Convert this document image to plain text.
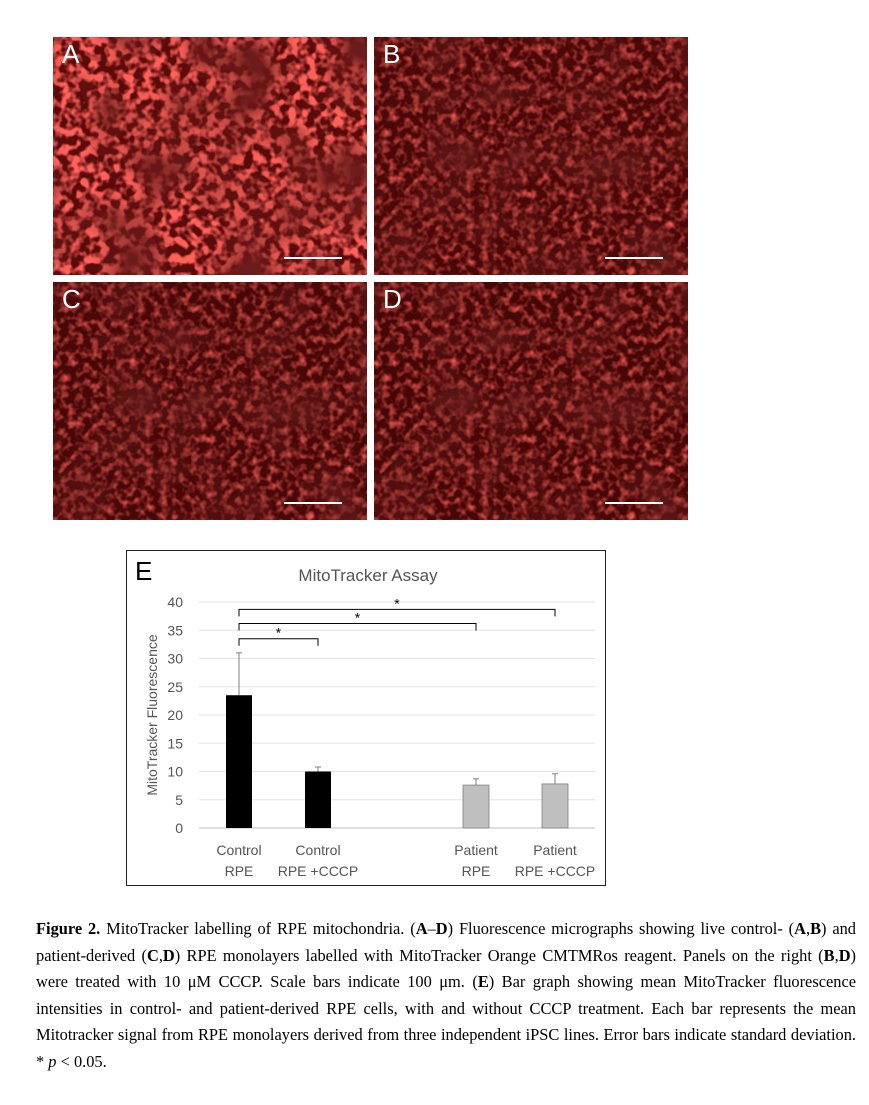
A	B
C	D
E	MitoTracker Assay
0
5
10
15
20
25
30
35
40
MitoTracker Fluorescence
Control
RPE
Control
RPE +CCCP
Patient
RPE
Patient
RPE +CCCP
*
*
*
Figure 2. MitoTracker labelling of RPE mitochondria. (A–D) Fluorescence micrographs showing live control- (A,B) and patient-derived (C,D) RPE monolayers labelled with MitoTracker Orange CMTMRos reagent. Panels on the right (B,D) were treated with 10 μM CCCP. Scale bars indicate 100 μm. (E) Bar graph showing mean MitoTracker fluorescence intensities in control- and patient-derived RPE cells, with and without CCCP treatment. Each bar represents the mean Mitotracker signal from RPE monolayers derived from three independent iPSC lines. Error bars indicate standard deviation. * p < 0.05.
